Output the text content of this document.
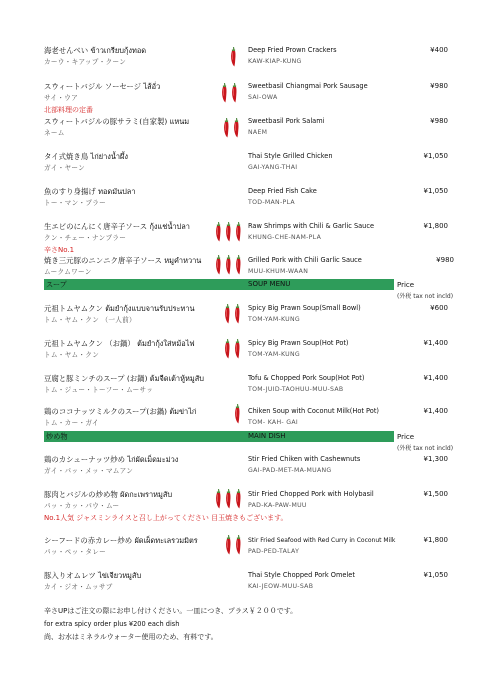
海老せんべい ข้าวเกรียบกุ้งทอด
カーウ・キアップ・クーン
Deep Fried Prown Crackers
KAW-KIAP-KUNG
¥400
スウィートバジル ソーセージ ไส้อั่ว
サイ・ウア
Sweetbasil Chiangmai Pork Sausage
SAI-OWA
¥980
北部料理の定番
スウィートバジルの豚サラミ(自家製) แหนม
ネーム
Sweetbasil Pork Salami
NAEM
¥980
タイ式焼き鳥 ไก่ย่างน้ำผึ้ง
ガイ・ヤーン
Thai Style Grilled Chicken
GAI-YANG-THAI
¥1,050
魚のすり身揚げ ทอดมันปลา
トー・マン・プラー
Deep Fried Fish Cake
TOD-MAN-PLA
¥1,050
生エビのにんにく唐辛子ソース กุ้งแช่น้ำปลา
クン・チェー・ナンプラー
Raw Shrimps with Chili & Garlic Sauce
KHUNG-CHE-NAM-PLA
¥1,800
辛さNo.1
焼き三元豚のニンニク唐辛子ソース หมูคำหวาน
ムークムワーン
Grilled Pork with Chili Garlic Sauce
MUU-KHUM-WAAN
¥980
スープ	SOUP MENU	Price
(外税 tax not incld)
元祖トムヤムクン ต้มยำกุ้งแบบจานรับประทาน
トム・ヤム・クン （一人前）
Spicy Big Prawn Soup(Small Bowl)
TOM-YAM-KUNG
¥600
元祖トムヤムクン （お鍋） ต้มยำกุ้งใส่หม้อไฟ
トム・ヤム・クン
Spicy Big Prawn Soup(Hot Pot)
TOM-YAM-KUNG
¥1,400
豆腐と豚ミンチのスープ (お鍋) ต้มจืดเต้าหู้หมูสับ
トム・ジュー・トーフー・ムーサッ
Tofu & Chopped Pork Soup(Hot Pot)
TOM-JUID-TAOHUU-MUU-SAB
¥1,400
鶏のココナッツミルクのスープ(お鍋) ต้มข่าไก่
トム・カー・ガイ
Chiken Soup with Coconut Milk(Hot Pot)
TOM- KAH- GAI
¥1,400
炒め物	MAIN DISH	Price
(外税 tax not incld)
鶏のカシューナッツ炒め ไก่ผัดเม็ดมะม่วง
ガイ・パッ・メッ・マムアン
Stir Fried Chiken with Cashewnuts
GAI-PAD-MET-MA-MUANG
¥1,300
豚肉とバジルの炒め物 ผัดกะเพราหมูสับ
パッ・カッ・パウ・ムー
Stir Fried Chopped Pork with Holybasil
PAD-KA-PAW-MUU
¥1,500
No.1人気 ジャスミンライスと召し上がってください 目玉焼きもございます。
シーフードの赤カレー炒め ผัดเผ็ดทะเลรวมมิตร
パッ・ペッ・タレー
Stir Fried Seafood with Red Curry in Coconut Milk
PAD-PED-TALAY
¥1,800
豚入りオムレツ ไข่เจียวหมูสับ
カイ・ジオ・ムッサブ
Thai Style Chopped Pork Omelet
KAI-JEOW-MUU-SAB
¥1,050
辛さUPはご注文の際にお申し付けください。一皿につき、プラス￥２００です。
for extra spicy order plus ¥200 each dish
尚、お水はミネラルウォーター使用のため、有料です。
